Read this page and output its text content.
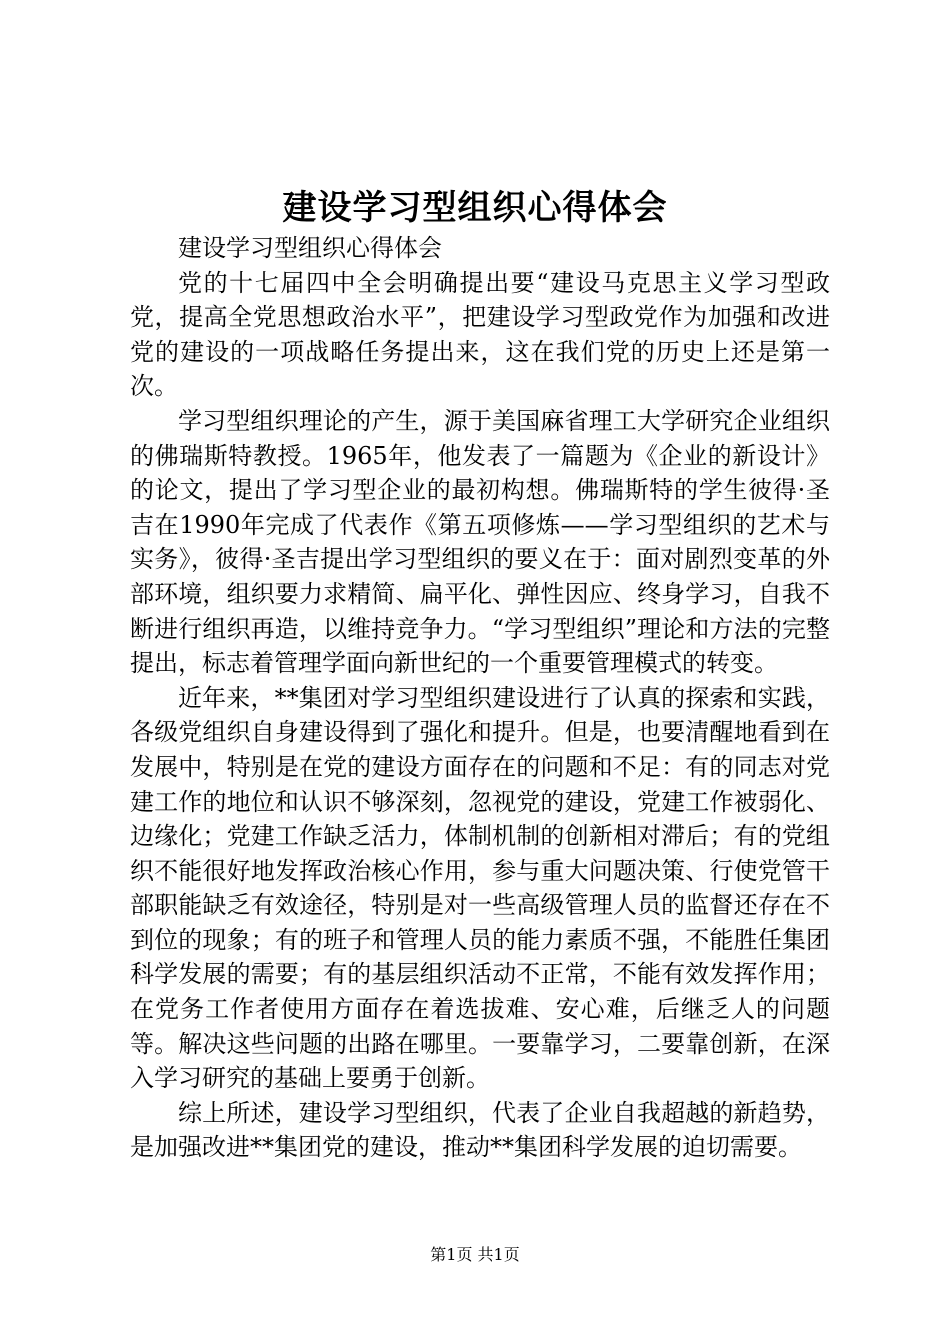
建设学习型组织心得体会

建设学习型组织心得体会

党的十七届四中全会明确提出要“建设马克思主义学习型政党，提高全党思想政治水平”，把建设学习型政党作为加强和改进党的建设的一项战略任务提出来，这在我们党的历史上还是第一次。

学习型组织理论的产生，源于美国麻省理工大学研究企业组织的佛瑞斯特教授。1965年，他发表了一篇题为《企业的新设计》的论文，提出了学习型企业的最初构想。佛瑞斯特的学生彼得·圣吉在1990年完成了代表作《第五项修炼——学习型组织的艺术与实务》，彼得·圣吉提出学习型组织的要义在于：面对剧烈变革的外部环境，组织要力求精简、扁平化、弹性因应、终身学习，自我不断进行组织再造，以维持竞争力。“学习型组织”理论和方法的完整提出，标志着管理学面向新世纪的一个重要管理模式的转变。

近年来，**集团对学习型组织建设进行了认真的探索和实践，各级党组织自身建设得到了强化和提升。但是，也要清醒地看到在发展中，特别是在党的建设方面存在的问题和不足：有的同志对党建工作的地位和认识不够深刻，忽视党的建设，党建工作被弱化、边缘化；党建工作缺乏活力，体制机制的创新相对滞后；有的党组织不能很好地发挥政治核心作用，参与重大问题决策、行使党管干部职能缺乏有效途径，特别是对一些高级管理人员的监督还存在不到位的现象；有的班子和管理人员的能力素质不强，不能胜任集团科学发展的需要；有的基层组织活动不正常，不能有效发挥作用；在党务工作者使用方面存在着选拔难、安心难，后继乏人的问题等。解决这些问题的出路在哪里。一要靠学习，二要靠创新，在深入学习研究的基础上要勇于创新。

综上所述，建设学习型组织，代表了企业自我超越的新趋势，是加强改进**集团党的建设，推动**集团科学发展的迫切需要。

第1页 共1页
